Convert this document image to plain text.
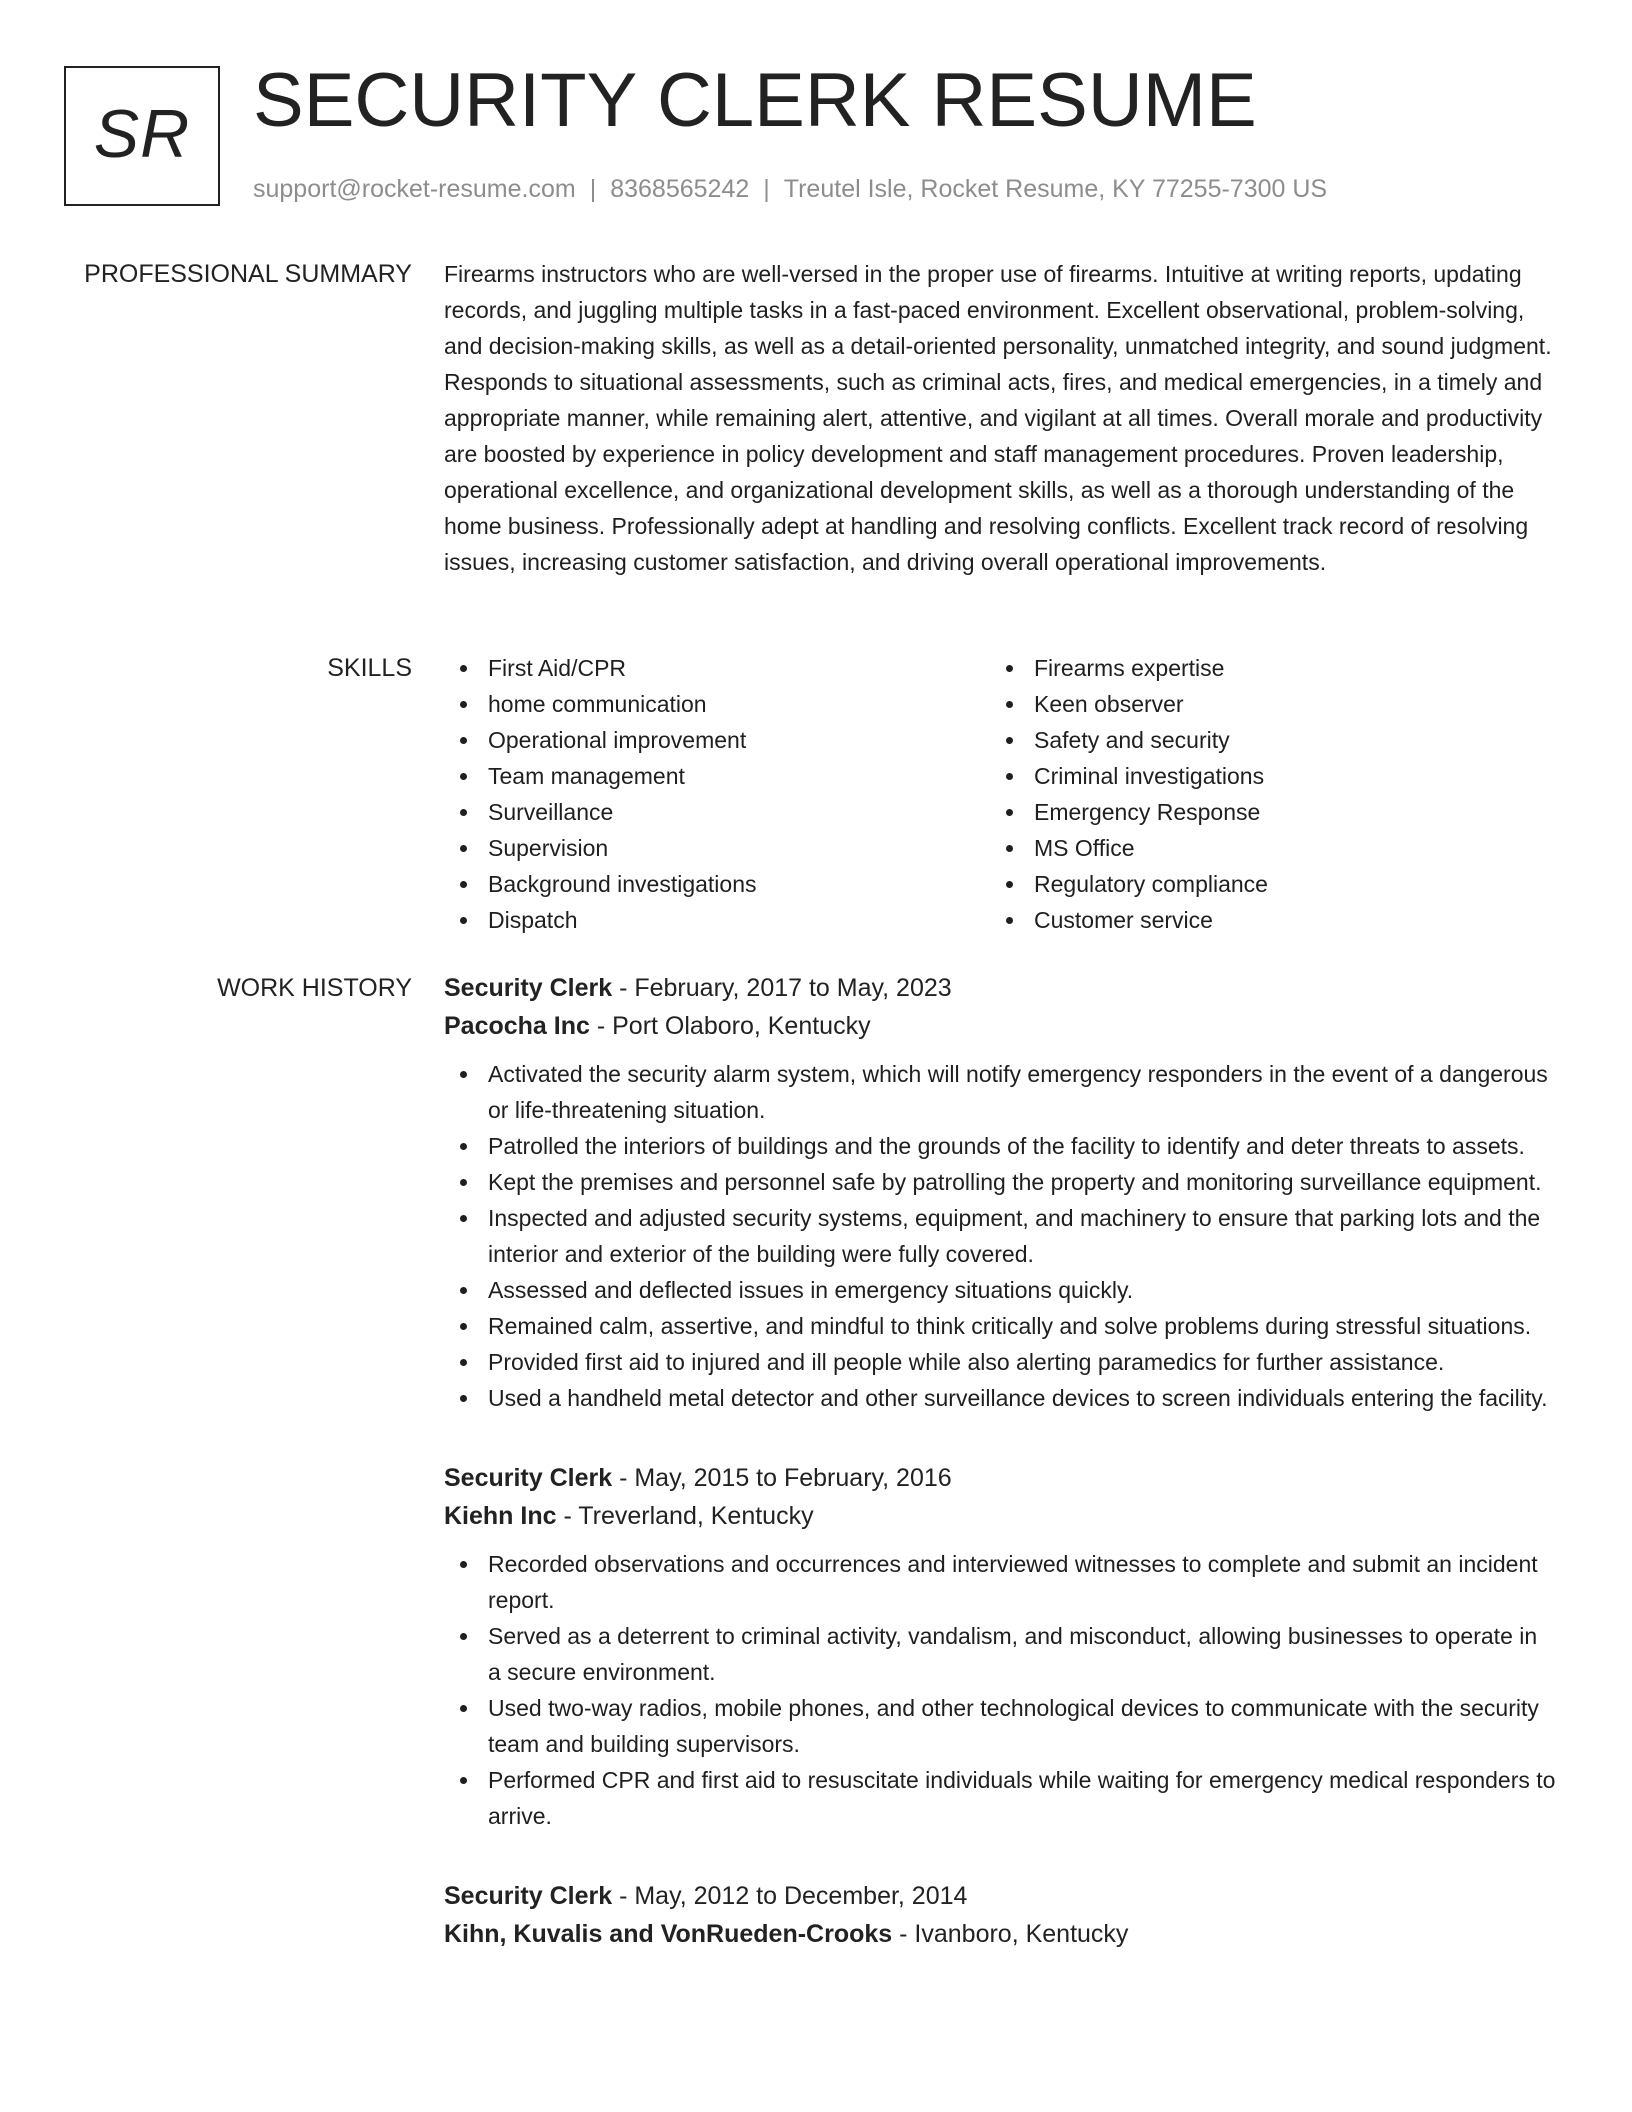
SR SECURITY CLERK RESUME
support@rocket-resume.com | 8368565242 | Treutel Isle, Rocket Resume, KY 77255-7300 US
PROFESSIONAL SUMMARY Firearms instructors who are well-versed in the proper use of firearms. Intuitive at writing reports, updating records, and juggling multiple tasks in a fast-paced environment. Excellent observational, problem-solving, and decision-making skills, as well as a detail-oriented personality, unmatched integrity, and sound judgment. Responds to situational assessments, such as criminal acts, fires, and medical emergencies, in a timely and appropriate manner, while remaining alert, attentive, and vigilant at all times. Overall morale and productivity are boosted by experience in policy development and staff management procedures. Proven leadership, operational excellence, and organizational development skills, as well as a thorough understanding of the home business. Professionally adept at handling and resolving conflicts. Excellent track record of resolving issues, increasing customer satisfaction, and driving overall operational improvements.

SKILLS	First Aid/CPR
home communication
Operational improvement
Team management
Surveillance
Supervision
Background investigations
Dispatch
Firearms expertise
Keen observer
Safety and security
Criminal investigations
Emergency Response
MS Office
Regulatory compliance
Customer service
WORK HISTORY Security Clerk - February, 2017 to May, 2023
Pacocha Inc - Port Olaboro, Kentucky
Activated the security alarm system, which will notify emergency responders in the event of a dangerous or life-threatening situation.
Patrolled the interiors of buildings and the grounds of the facility to identify and deter threats to assets.
Kept the premises and personnel safe by patrolling the property and monitoring surveillance equipment.
Inspected and adjusted security systems, equipment, and machinery to ensure that parking lots and the interior and exterior of the building were fully covered.
Assessed and deflected issues in emergency situations quickly.
Remained calm, assertive, and mindful to think critically and solve problems during stressful situations.
Provided first aid to injured and ill people while also alerting paramedics for further assistance.
Used a handheld metal detector and other surveillance devices to screen individuals entering the facility.
Security Clerk - May, 2015 to February, 2016
Kiehn Inc - Treverland, Kentucky
Recorded observations and occurrences and interviewed witnesses to complete and submit an incident report.
Served as a deterrent to criminal activity, vandalism, and misconduct, allowing businesses to operate in a secure environment.
Used two-way radios, mobile phones, and other technological devices to communicate with the security team and building supervisors.
Performed CPR and first aid to resuscitate individuals while waiting for emergency medical responders to arrive.
Security Clerk - May, 2012 to December, 2014
Kihn, Kuvalis and VonRueden-Crooks - Ivanboro, Kentucky
